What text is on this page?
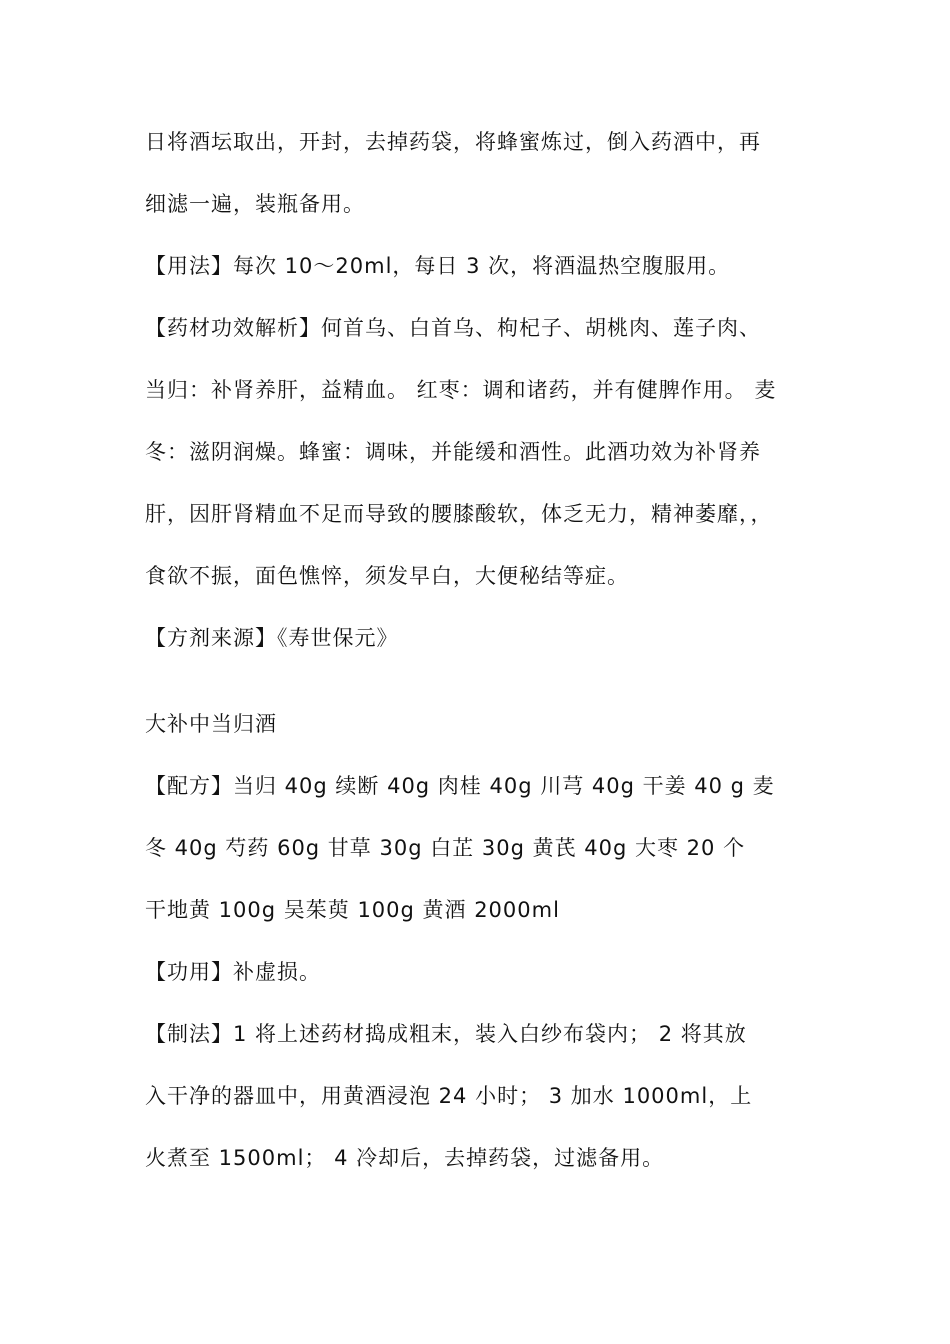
日将酒坛取出，开封，去掉药袋，将蜂蜜炼过，倒入药酒中，再
细滤一遍，装瓶备用。
【用法】每次 10～20ml，每日 3 次，将酒温热空腹服用。
【药材功效解析】何首乌、白首乌、枸杞子、胡桃肉、莲子肉、
当归：补肾养肝，益精血。 红枣：调和诸药，并有健脾作用。 麦
冬：滋阴润燥。蜂蜜：调味，并能缓和酒性。此酒功效为补肾养
肝，因肝肾精血不足而导致的腰膝酸软，体乏无力，精神萎靡，，
食欲不振，面色憔悴，须发早白，大便秘结等症。
【方剂来源】《寿世保元》
大补中当归酒
【配方】当归 40g 续断 40g 肉桂 40g 川芎 40g 干姜 40 g 麦
冬 40g 芍药 60g 甘草 30g 白芷 30g 黄芪 40g 大枣 20 个
干地黄 100g 吴茱萸 100g 黄酒 2000ml
【功用】补虚损。
【制法】1 将上述药材捣成粗末，装入白纱布袋内； 2 将其放
入干净的器皿中，用黄酒浸泡 24 小时； 3 加水 1000ml，上
火煮至 1500ml； 4 冷却后，去掉药袋，过滤备用。
